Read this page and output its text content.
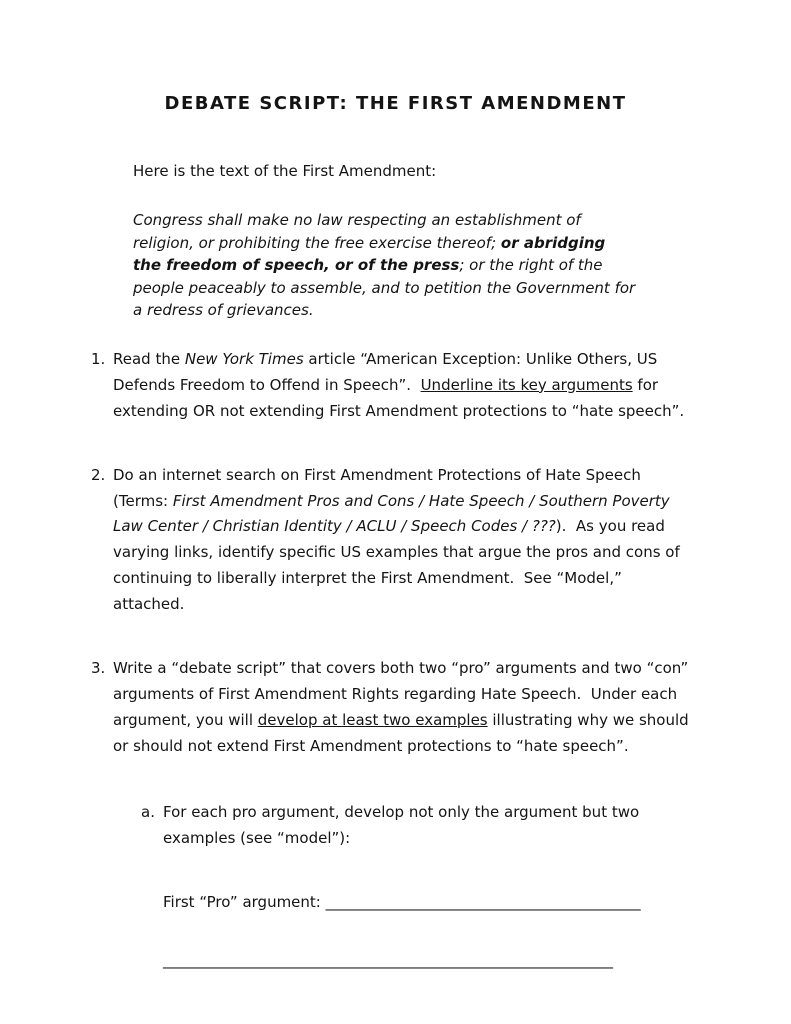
DEBATE SCRIPT: THE FIRST AMENDMENT
Here is the text of the First Amendment:
Congress shall make no law respecting an establishment of religion, or prohibiting the free exercise thereof; or abridging the freedom of speech, or of the press; or the right of the people peaceably to assemble, and to petition the Government for a redress of grievances.
1. Read the New York Times article “American Exception: Unlike Others, US Defends Freedom to Offend in Speech”.  Underline its key arguments for extending OR not extending First Amendment protections to “hate speech”.
2. Do an internet search on First Amendment Protections of Hate Speech  (Terms: First Amendment Pros and Cons / Hate Speech / Southern Poverty Law Center / Christian Identity / ACLU / Speech Codes / ???).  As you read varying links, identify specific US examples that argue the pros and cons of continuing to liberally interpret the First Amendment.  See “Model,” attached.
3. Write a “debate script” that covers both two “pro” arguments and two “con” arguments of First Amendment Rights regarding Hate Speech.  Under each argument, you will develop at least two examples illustrating why we should or should not extend First Amendment protections to “hate speech”.
a. For each pro argument, develop not only the argument but two examples (see “model”):
First “Pro” argument: __________________________________________
____________________________________________________________
